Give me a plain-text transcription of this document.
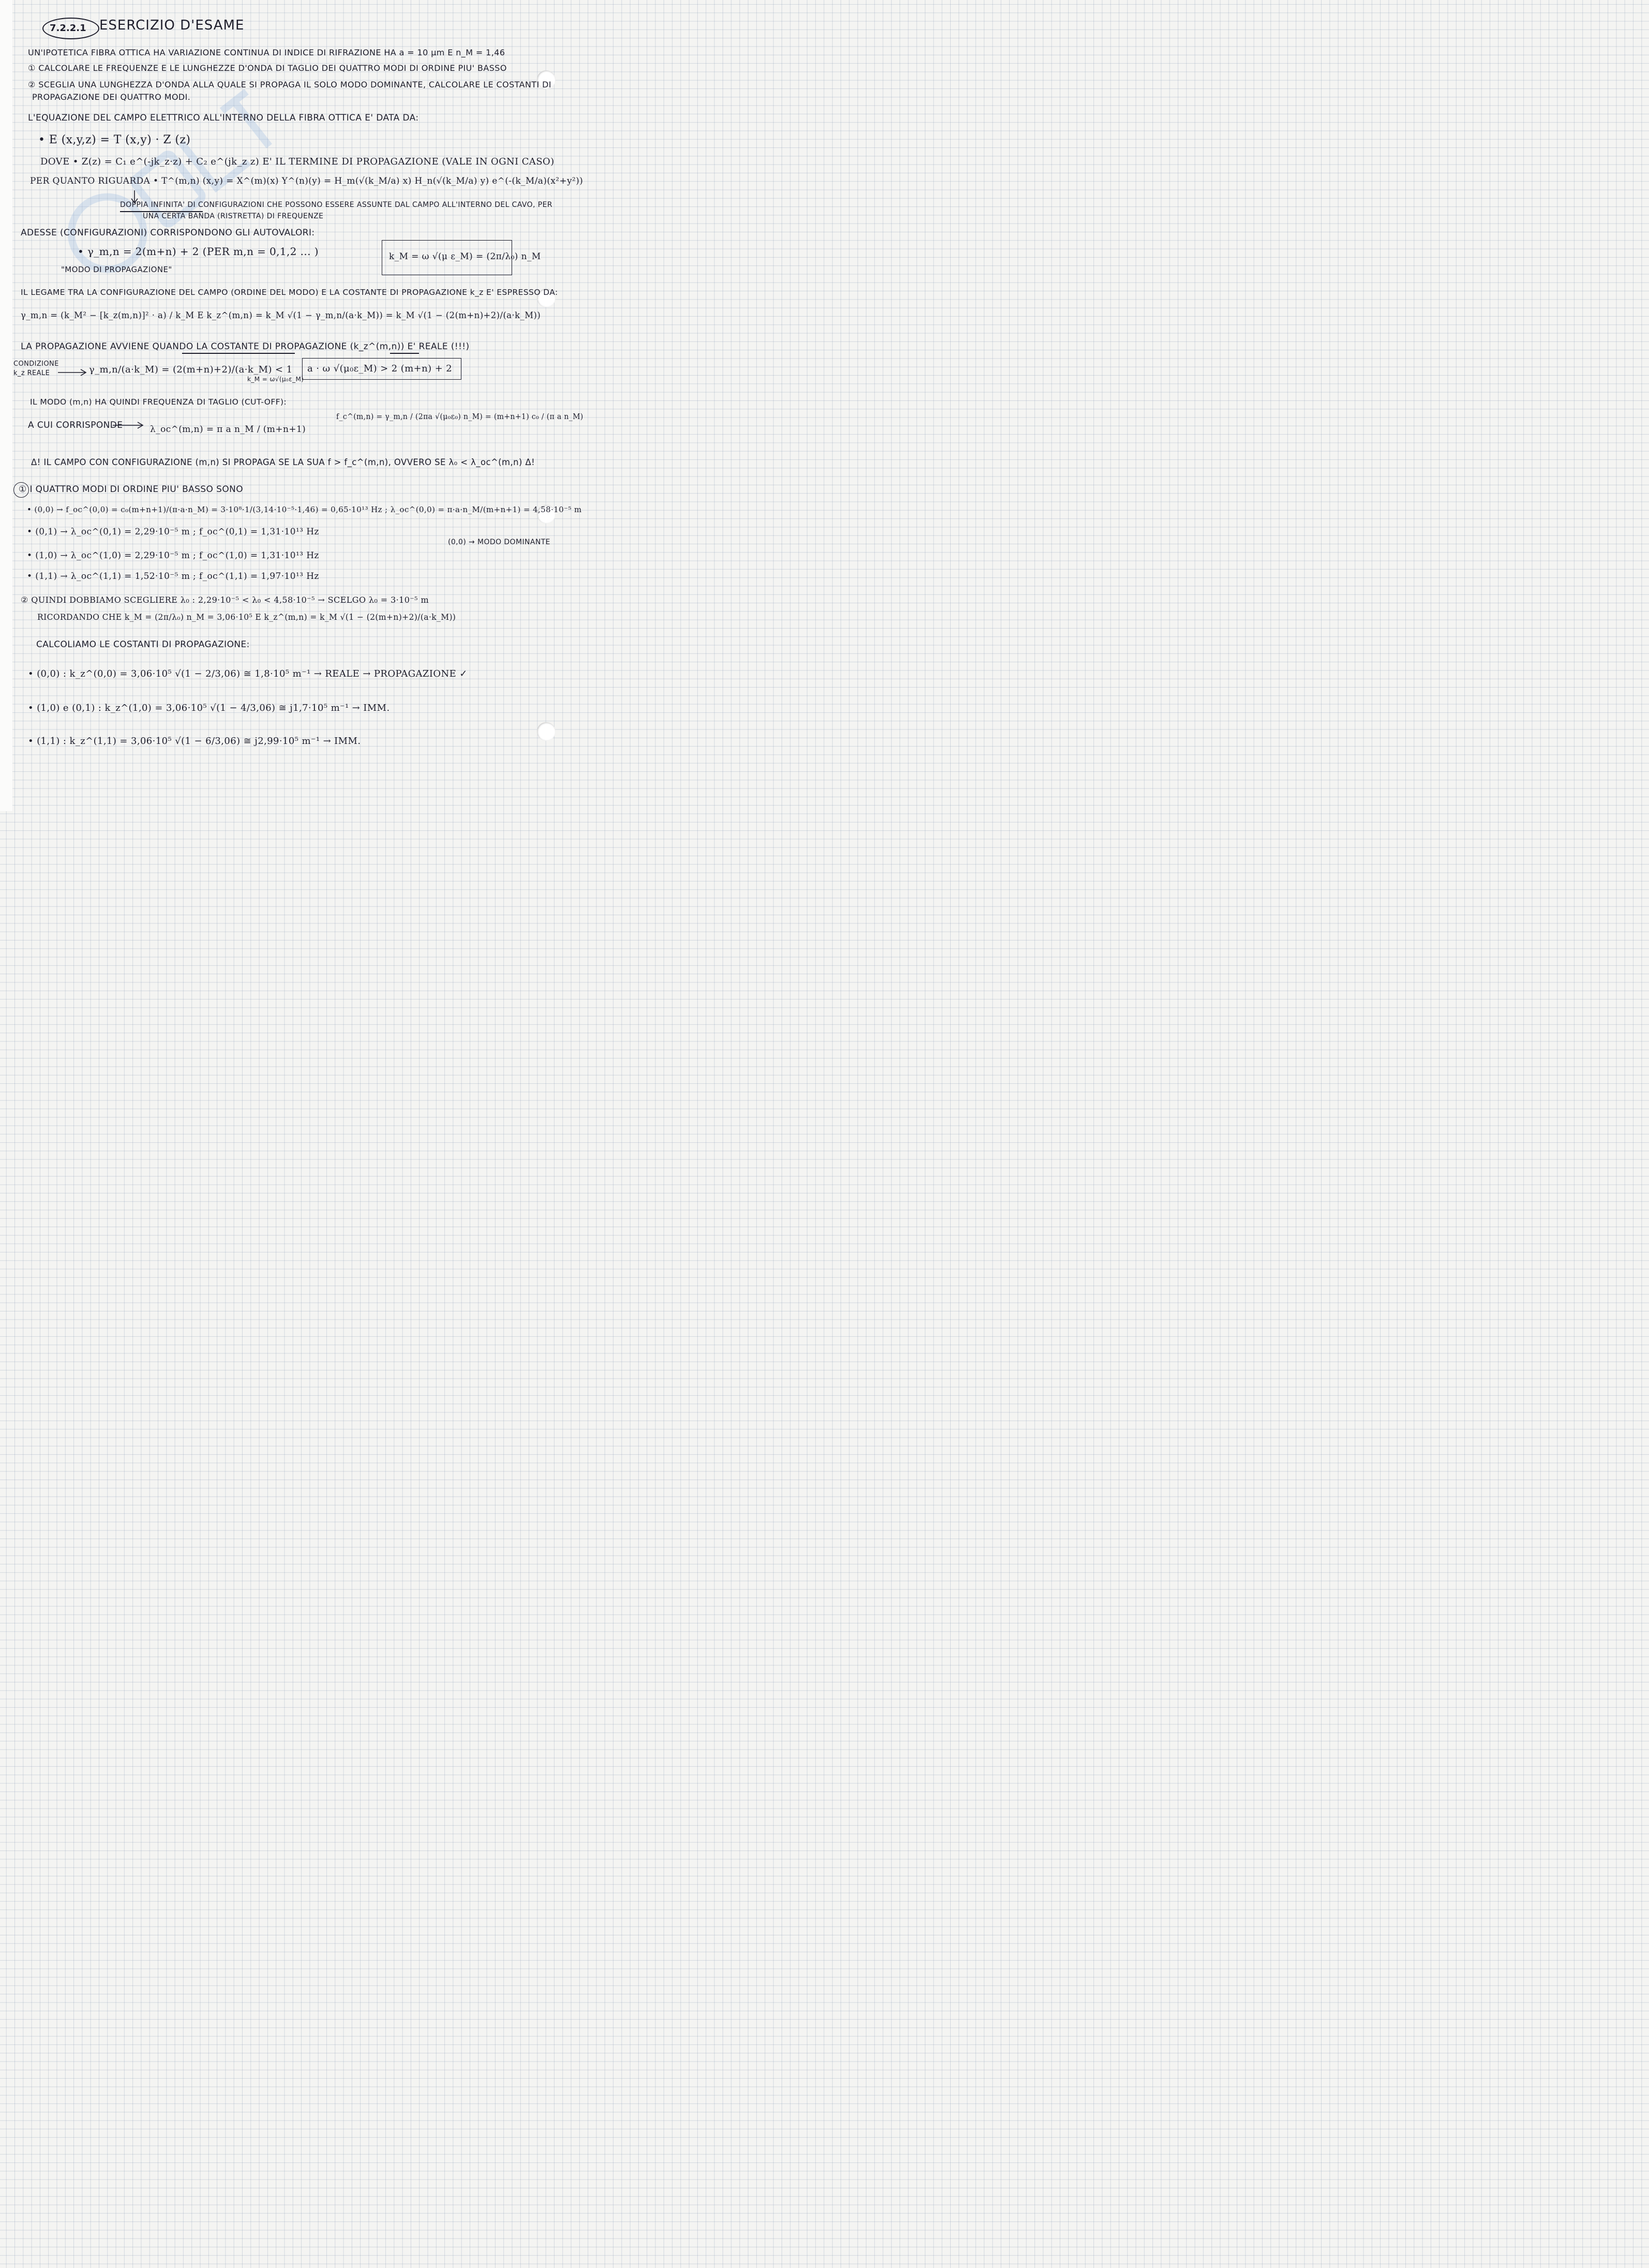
7.2.2.1 ESERCIZIO D'ESAME
UN'IPOTETICA FIBRA OTTICA HA VARIAZIONE CONTINUA DI INDICE DI RIFRAZIONE HA a = 10 μm E n_M = 1,46
① CALCOLARE LE FREQUENZE E LE LUNGHEZZE D'ONDA DI TAGLIO DEI QUATTRO MODI DI ORDINE PIU' BASSO
② SCEGLIA UNA LUNGHEZZA D'ONDA ALLA QUALE SI PROPAGA IL SOLO MODO DOMINANTE, CALCOLARE LE COSTANTI DI
PROPAGAZIONE DEI QUATTRO MODI.
L'EQUAZIONE DEL CAMPO ELETTRICO ALL'INTERNO DELLA FIBRA OTTICA E' DATA DA:
• E (x,y,z) = T (x,y) · Z (z)
DOVE • Z(z) = C₁ e^(-jk_z·z) + C₂ e^(jk_z z) E' IL TERMINE DI PROPAGAZIONE (VALE IN OGNI CASO)
PER QUANTO RIGUARDA • T^(m,n) (x,y) = X^(m)(x) Y^(n)(y) = H_m(√(k_M/a) x) H_n(√(k_M/a) y) e^(-(k_M/a)(x²+y²))
DOPPIA INFINITA' DI CONFIGURAZIONI CHE POSSONO ESSERE ASSUNTE DAL CAMPO ALL'INTERNO DEL CAVO, PER
UNA CERTA BANDA (RISTRETTA) DI FREQUENZE
ADESSE (CONFIGURAZIONI) CORRISPONDONO GLI AUTOVALORI:
• γ_m,n = 2(m+n) + 2 (PER m,n = 0,1,2 ... )
"MODO DI PROPAGAZIONE"
k_M = ω √(μ ε_M) = (2π/λ₀) n_M
IL LEGAME TRA LA CONFIGURAZIONE DEL CAMPO (ORDINE DEL MODO) E LA COSTANTE DI PROPAGAZIONE k_z E' ESPRESSO DA:
γ_m,n = (k_M² − [k_z(m,n)]² · a) / k_M E k_z^(m,n) = k_M √(1 − γ_m,n/(a·k_M)) = k_M √(1 − (2(m+n)+2)/(a·k_M))
LA PROPAGAZIONE AVVIENE QUANDO LA COSTANTE DI PROPAGAZIONE (k_z^(m,n)) E' REALE (!!!)
CONDIZIONE
k_z REALE	γ_m,n/(a·k_M) = (2(m+n)+2)/(a·k_M) < 1
k_M = ω√(μ₀ε_M)
a · ω √(μ₀ε_M) > 2 (m+n) + 2
IL MODO (m,n) HA QUINDI FREQUENZA DI TAGLIO (CUT-OFF):
f_c^(m,n) = γ_m,n / (2πa √(μ₀ε₀) n_M) = (m+n+1) c₀ / (π a n_M)
A CUI CORRISPONDE	λ_oc^(m,n) = π a n_M / (m+n+1)
Δ! IL CAMPO CON CONFIGURAZIONE (m,n) SI PROPAGA SE LA SUA f > f_c^(m,n), OVVERO SE λ₀ < λ_oc^(m,n) Δ!
① I QUATTRO MODI DI ORDINE PIU' BASSO SONO
• (0,0) → f_oc^(0,0) = c₀(m+n+1)/(π·a·n_M) = 3·10⁸·1/(3,14·10⁻⁵·1,46) = 0,65·10¹³ Hz ; λ_oc^(0,0) = π·a·n_M/(m+n+1) = 4,58·10⁻⁵ m
• (0,1) → λ_oc^(0,1) = 2,29·10⁻⁵ m ; f_oc^(0,1) = 1,31·10¹³ Hz
• (1,0) → λ_oc^(1,0) = 2,29·10⁻⁵ m ; f_oc^(1,0) = 1,31·10¹³ Hz
• (1,1) → λ_oc^(1,1) = 1,52·10⁻⁵ m ; f_oc^(1,1) = 1,97·10¹³ Hz
(0,0) → MODO DOMINANTE
② QUINDI DOBBIAMO SCEGLIERE λ₀ : 2,29·10⁻⁵ < λ₀ < 4,58·10⁻⁵ → SCELGO λ₀ = 3·10⁻⁵ m
RICORDANDO CHE k_M = (2π/λ₀) n_M = 3,06·10⁵ E k_z^(m,n) = k_M √(1 − (2(m+n)+2)/(a·k_M))
CALCOLIAMO LE COSTANTI DI PROPAGAZIONE:
• (0,0) : k_z^(0,0) = 3,06·10⁵ √(1 − 2/3,06) ≅ 1,8·10⁵ m⁻¹ → REALE → PROPAGAZIONE ✓
• (1,0) e (0,1) : k_z^(1,0) = 3,06·10⁵ √(1 − 4/3,06) ≅ j1,7·10⁵ m⁻¹ → IMM.
• (1,1) : k_z^(1,1) = 3,06·10⁵ √(1 − 6/3,06) ≅ j2,99·10⁵ m⁻¹ → IMM.
